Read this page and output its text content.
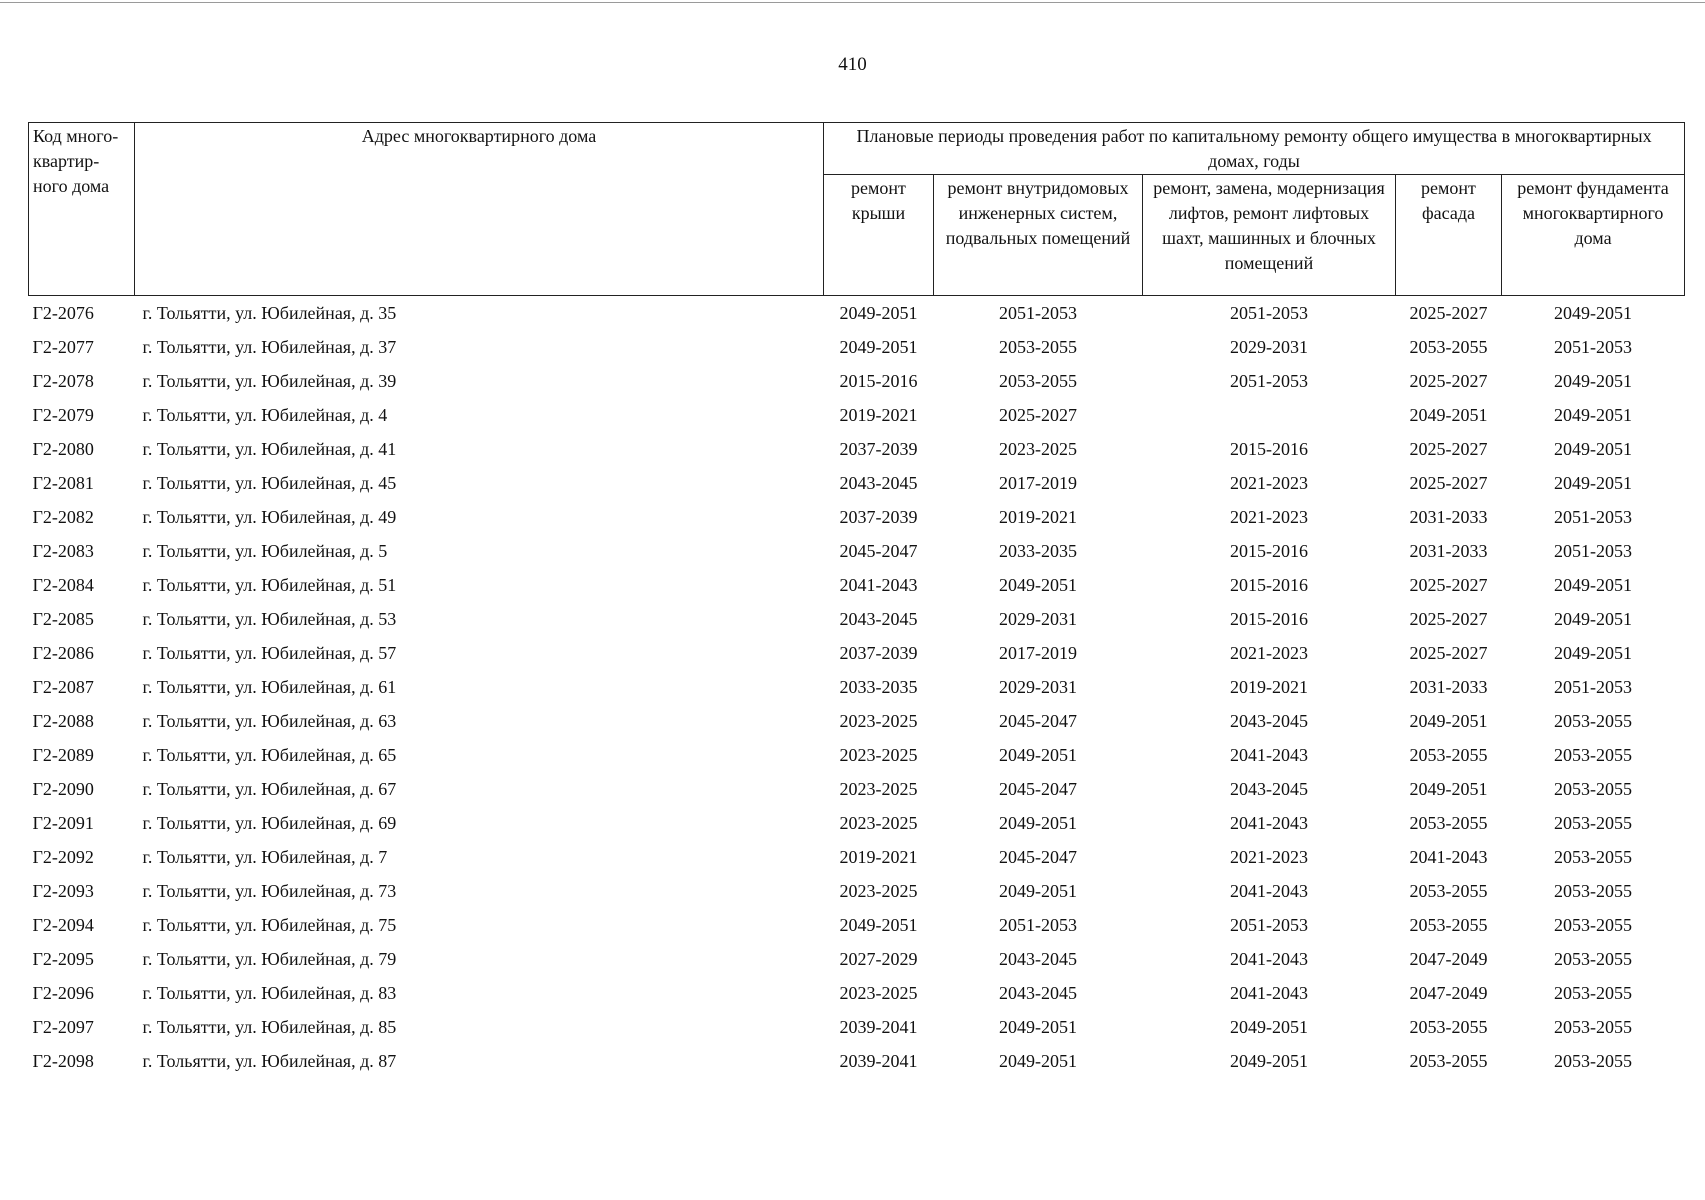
410
Код много-квартир-ного дома	Адрес многоквартирного дома	Плановые периоды проведения работ по капитальному ремонту общего имущества в многоквартирных домах, годы				
		ремонт крыши	ремонт внутридомовых инженерных систем, подвальных помещений	ремонт, замена, модернизация лифтов, ремонт лифтовых шахт, машинных и блочных помещений	ремонт фасада	ремонт фундамента многоквартирного дома
Г2-2076	г. Тольятти, ул. Юбилейная, д. 35	2049-2051	2051-2053	2051-2053	2025-2027	2049-2051
Г2-2077	г. Тольятти, ул. Юбилейная, д. 37	2049-2051	2053-2055	2029-2031	2053-2055	2051-2053
Г2-2078	г. Тольятти, ул. Юбилейная, д. 39	2015-2016	2053-2055	2051-2053	2025-2027	2049-2051
Г2-2079	г. Тольятти, ул. Юбилейная, д. 4	2019-2021	2025-2027		2049-2051	2049-2051
Г2-2080	г. Тольятти, ул. Юбилейная, д. 41	2037-2039	2023-2025	2015-2016	2025-2027	2049-2051
Г2-2081	г. Тольятти, ул. Юбилейная, д. 45	2043-2045	2017-2019	2021-2023	2025-2027	2049-2051
Г2-2082	г. Тольятти, ул. Юбилейная, д. 49	2037-2039	2019-2021	2021-2023	2031-2033	2051-2053
Г2-2083	г. Тольятти, ул. Юбилейная, д. 5	2045-2047	2033-2035	2015-2016	2031-2033	2051-2053
Г2-2084	г. Тольятти, ул. Юбилейная, д. 51	2041-2043	2049-2051	2015-2016	2025-2027	2049-2051
Г2-2085	г. Тольятти, ул. Юбилейная, д. 53	2043-2045	2029-2031	2015-2016	2025-2027	2049-2051
Г2-2086	г. Тольятти, ул. Юбилейная, д. 57	2037-2039	2017-2019	2021-2023	2025-2027	2049-2051
Г2-2087	г. Тольятти, ул. Юбилейная, д. 61	2033-2035	2029-2031	2019-2021	2031-2033	2051-2053
Г2-2088	г. Тольятти, ул. Юбилейная, д. 63	2023-2025	2045-2047	2043-2045	2049-2051	2053-2055
Г2-2089	г. Тольятти, ул. Юбилейная, д. 65	2023-2025	2049-2051	2041-2043	2053-2055	2053-2055
Г2-2090	г. Тольятти, ул. Юбилейная, д. 67	2023-2025	2045-2047	2043-2045	2049-2051	2053-2055
Г2-2091	г. Тольятти, ул. Юбилейная, д. 69	2023-2025	2049-2051	2041-2043	2053-2055	2053-2055
Г2-2092	г. Тольятти, ул. Юбилейная, д. 7	2019-2021	2045-2047	2021-2023	2041-2043	2053-2055
Г2-2093	г. Тольятти, ул. Юбилейная, д. 73	2023-2025	2049-2051	2041-2043	2053-2055	2053-2055
Г2-2094	г. Тольятти, ул. Юбилейная, д. 75	2049-2051	2051-2053	2051-2053	2053-2055	2053-2055
Г2-2095	г. Тольятти, ул. Юбилейная, д. 79	2027-2029	2043-2045	2041-2043	2047-2049	2053-2055
Г2-2096	г. Тольятти, ул. Юбилейная, д. 83	2023-2025	2043-2045	2041-2043	2047-2049	2053-2055
Г2-2097	г. Тольятти, ул. Юбилейная, д. 85	2039-2041	2049-2051	2049-2051	2053-2055	2053-2055
Г2-2098	г. Тольятти, ул. Юбилейная, д. 87	2039-2041	2049-2051	2049-2051	2053-2055	2053-2055
